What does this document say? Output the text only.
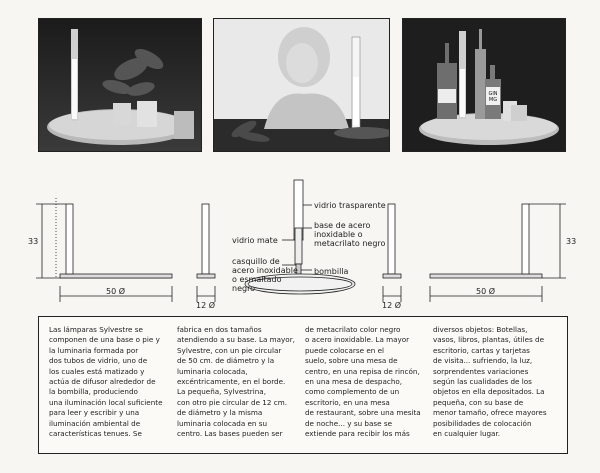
GIN
MG
33	33
50 Ø
12 Ø	12 Ø
50 Ø
vidrio trasparente
base de acero
inoxidable o
metacrilato negro
vidrio mate
casquillo de
acero inoxidable
o esmaltado
negro
bombilla
Las lámparas Sylvestre se
componen de una base o pie y
la luminaria formada por
dos tubos de vidrio, uno de
los cuales está matizado y
actúa de difusor alrededor de
la bombilla, produciendo
una iluminación local suficiente
para leer y escribir y una
iluminación ambiental de
características tenues. Se
fabrica en dos tamaños
atendiendo a su base. La mayor,
Sylvestre, con un pie circular
de 50 cm. de diámetro y la
luminaria colocada,
excéntricamente, en el borde.
La pequeña, Sylvestrina,
con otro pie circular de 12 cm.
de diámetro y la misma
luminaria colocada en su
centro. Las bases pueden ser
de metacrilato color negro
o acero inoxidable. La mayor
puede colocarse en el
suelo, sobre una mesa de
centro, en una repisa de rincón,
en una mesa de despacho,
como complemento de un
escritorio, en una mesa
de restaurant, sobre una mesita
de noche... y su base se
extiende para recibir los más
diversos objetos: Botellas,
vasos, libros, plantas, útiles de
escritorio, cartas y tarjetas
de visita... sufriendo, la luz,
sorprendentes variaciones
según las cualidades de los
objetos en ella depositados. La
pequeña, con su base de
menor tamaño, ofrece mayores
posibilidades de colocación
en cualquier lugar.
